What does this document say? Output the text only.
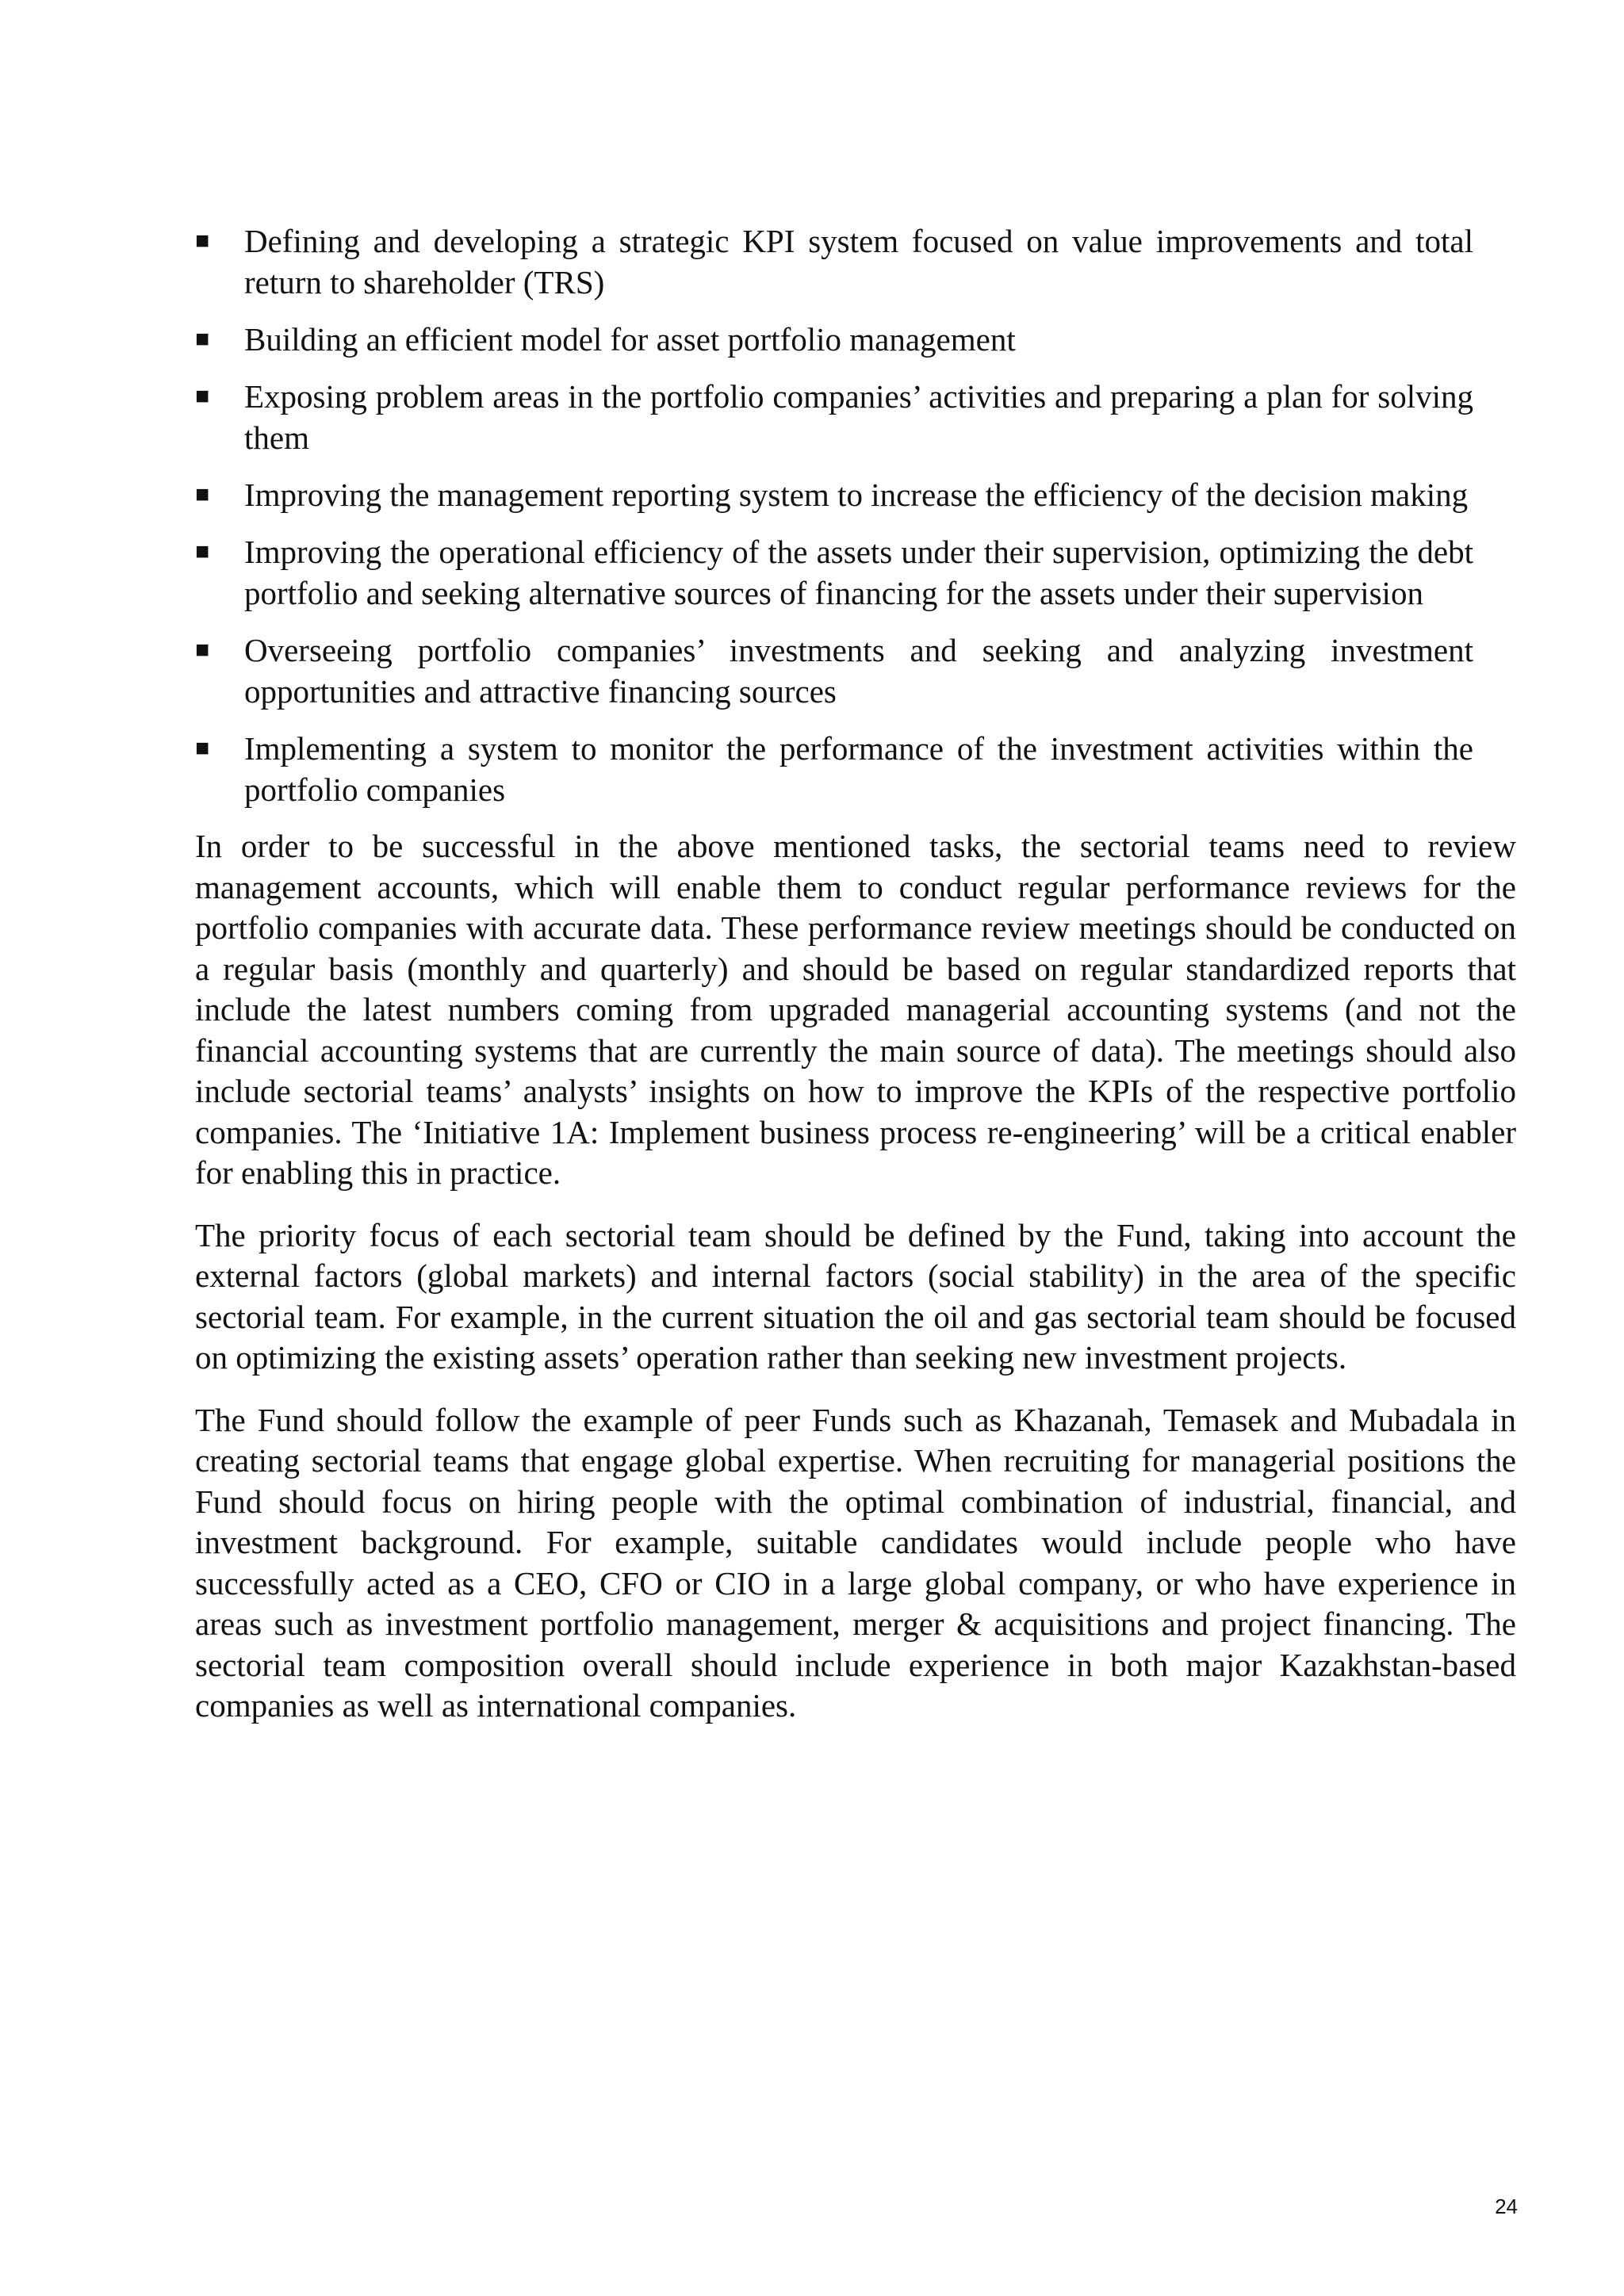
■ Defining and developing a strategic KPI system focused on value improvements and total return to shareholder (TRS)
■ Building an efficient model for asset portfolio management
■ Exposing problem areas in the portfolio companies’ activities and preparing a plan for solving them
■ Improving the management reporting system to increase the efficiency of the decision making
■ Improving the operational efficiency of the assets under their supervision, optimizing the debt portfolio and seeking alternative sources of financing for the assets under their supervision
■ Overseeing portfolio companies’ investments and seeking and analyzing investment opportunities and attractive financing sources
■ Implementing a system to monitor the performance of the investment activities within the portfolio companies

In order to be successful in the above mentioned tasks, the sectorial teams need to review management accounts, which will enable them to conduct regular performance reviews for the portfolio companies with accurate data. These performance review meetings should be conducted on a regular basis (monthly and quarterly) and should be based on regular standardized reports that include the latest numbers coming from upgraded managerial accounting systems (and not the financial accounting systems that are currently the main source of data). The meetings should also include sectorial teams’ analysts’ insights on how to improve the KPIs of the respective portfolio companies. The ‘Initiative 1A: Implement business process re-engineering’ will be a critical enabler for enabling this in practice.

The priority focus of each sectorial team should be defined by the Fund, taking into account the external factors (global markets) and internal factors (social stability) in the area of the specific sectorial team. For example, in the current situation the oil and gas sectorial team should be focused on optimizing the existing assets’ operation rather than seeking new investment projects.

The Fund should follow the example of peer Funds such as Khazanah, Temasek and Mubadala in creating sectorial teams that engage global expertise. When recruiting for managerial positions the Fund should focus on hiring people with the optimal combination of industrial, financial, and investment background. For example, suitable candidates would include people who have successfully acted as a CEO, CFO or CIO in a large global company, or who have experience in areas such as investment portfolio management, merger & acquisitions and project financing. The sectorial team composition overall should include experience in both major Kazakhstan-based companies as well as international companies.

24
